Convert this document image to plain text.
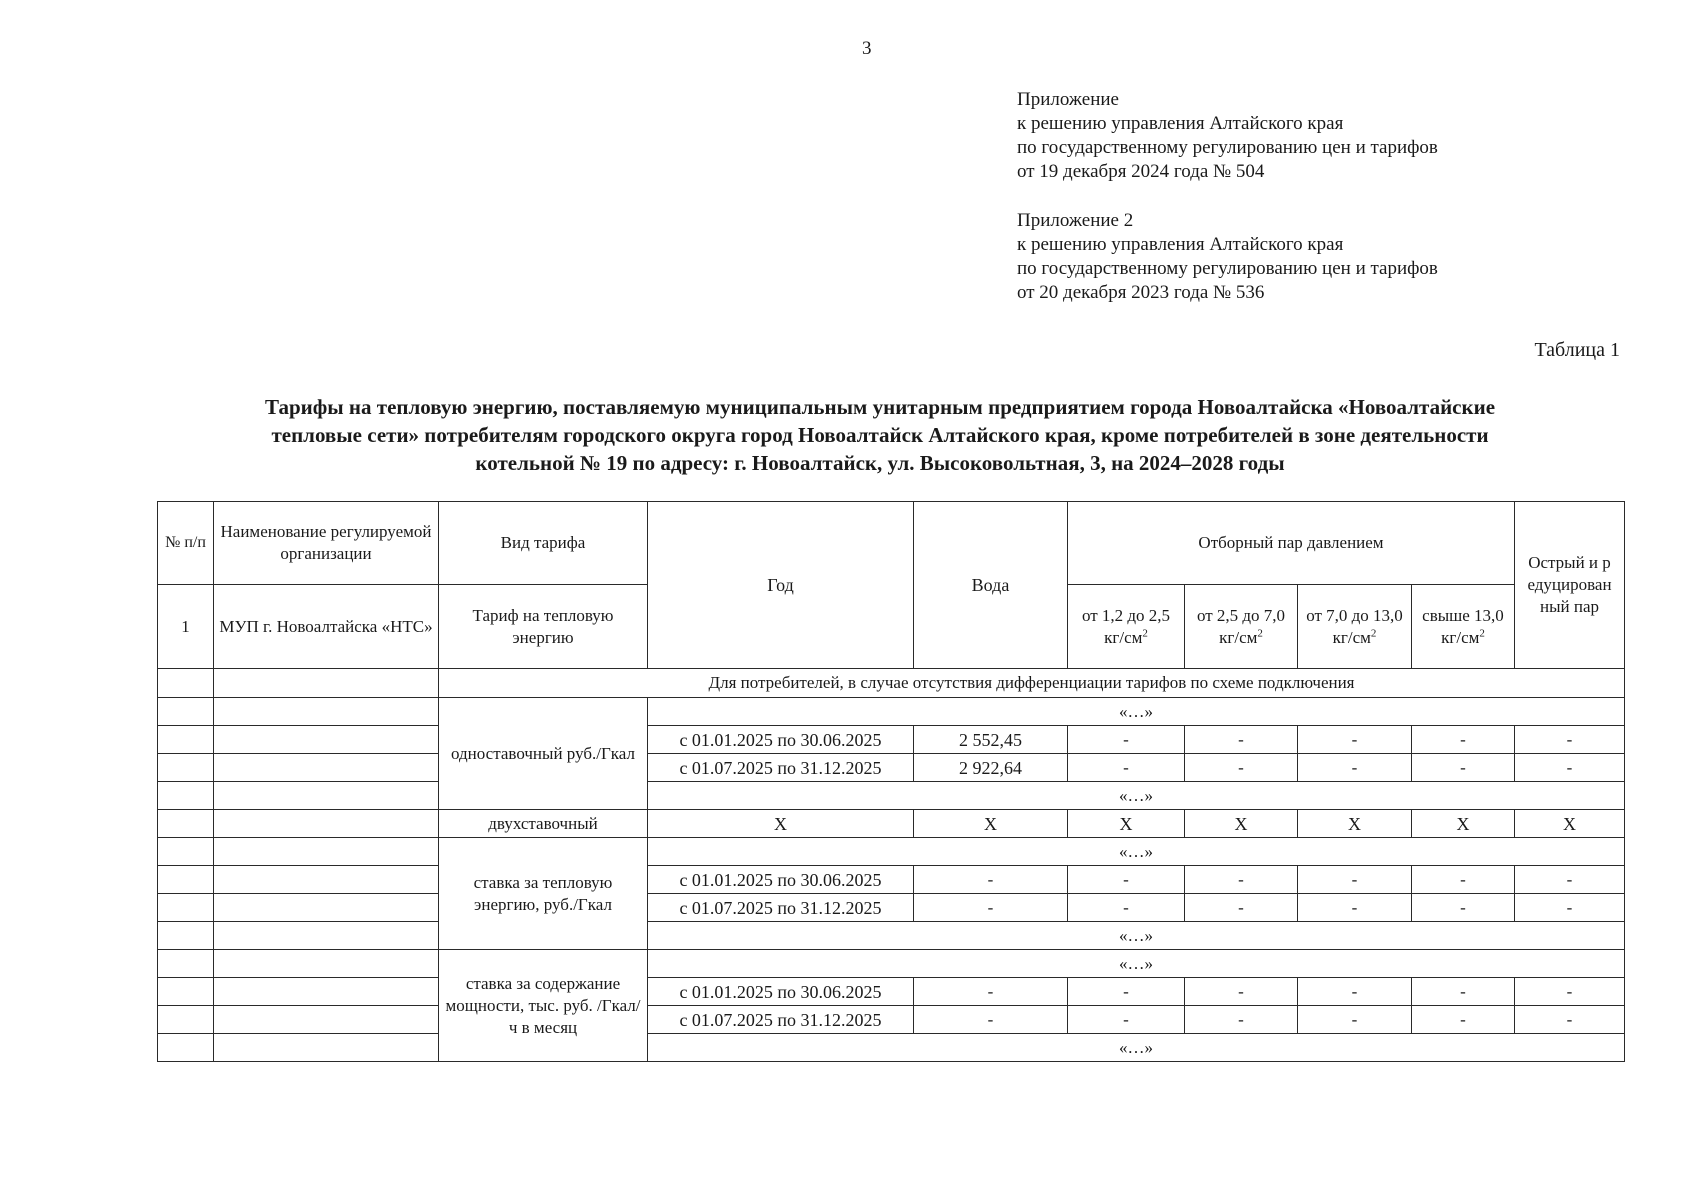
3
Приложение
к решению управления Алтайского края
по государственному регулированию цен и тарифов
от 19 декабря 2024 года № 504
Приложение 2
к решению управления Алтайского края
по государственному регулированию цен и тарифов
от 20 декабря 2023 года № 536
Таблица 1
Тарифы на тепловую энергию, поставляемую муниципальным унитарным предприятием города Новоалтайска «Новоалтайские
тепловые сети» потребителям городского округа город Новоалтайск Алтайского края, кроме потребителей в зоне деятельности
котельной № 19 по адресу: г. Новоалтайск, ул. Высоковольтная, 3, на 2024–2028 годы
№ п/п	Наименование регулируемой организации	Вид тарифа	Год	Вода	Отборный пар давлением				Острый и редуцированный пар
1	МУП г. Новоалтайска «НТС»	Тариф на тепловую энергию			от 1,2 до 2,5 $кг/см^2$	от 2,5 до 7,0 $кг/см^2$	от 7,0 до 13,0 $кг/см^2$	свыше 13,0 $кг/см^2$
		Для потребителей, в случае отсутствия дифференциации тарифов по схеме подключения							
		одноставочный руб./Гкал	«…»						
			с 01.01.2025 по 30.06.2025	2 552,45	-	-	-	-	-
			с 01.07.2025 по 31.12.2025	2 922,64	-	-	-	-	-
			«…»						
		двухставочный	X	X	X	X	X	X	X
		ставка за тепловую энергию, руб./Гкал	«…»						
			с 01.01.2025 по 30.06.2025	-	-	-	-	-	-
			с 01.07.2025 по 31.12.2025	-	-	-	-	-	-
			«…»						
		ставка за содержание мощности, тыс. руб. /Гкал/ч в месяц	«…»						
			с 01.01.2025 по 30.06.2025	-	-	-	-	-	-
			с 01.07.2025 по 31.12.2025	-	-	-	-	-	-
			«…»						
